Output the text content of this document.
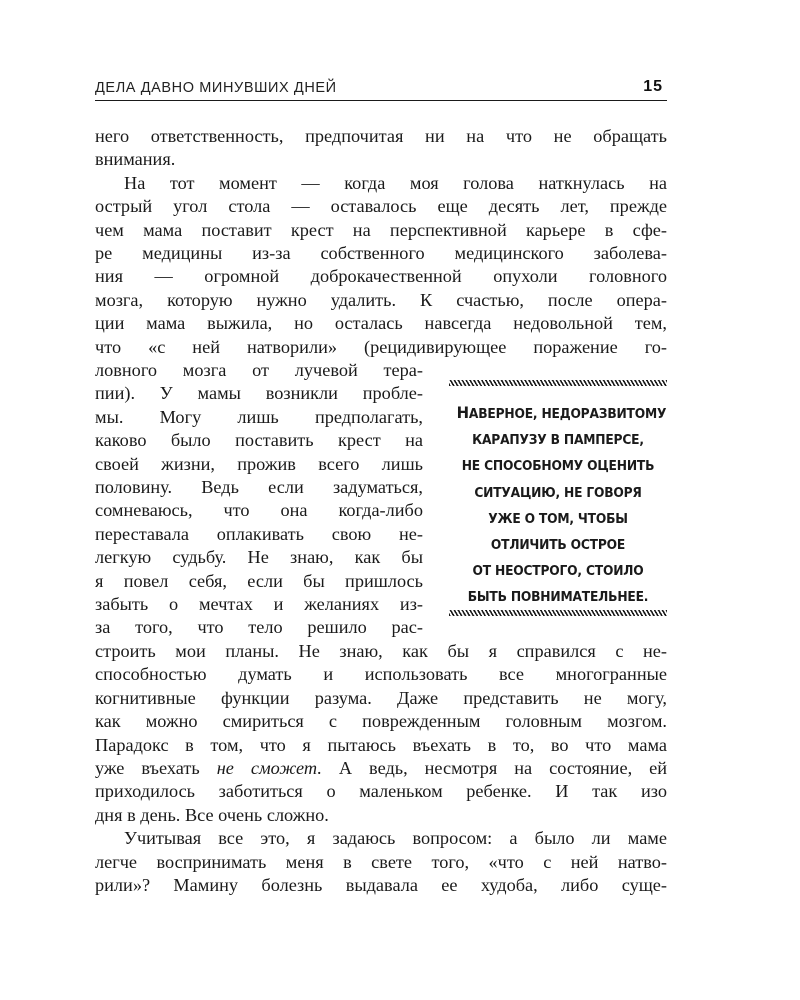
ДЕЛА ДАВНО МИНУВШИХ ДНЕЙ	15
него ответственность, предпочитая ни на что не обращать
внимания.
На тот момент — когда моя голова наткнулась на
острый угол стола — оставалось еще десять лет, прежде
чем мама поставит крест на перспективной карьере в сфе-
ре медицины из-за собственного медицинского заболева-
ния — огромной доброкачественной опухоли головного
мозга, которую нужно удалить. К счастью, после опера-
ции мама выжила, но осталась навсегда недовольной тем,
что «с ней натворили» (рецидивирующее поражение го-
ловного мозга от лучевой тера-
пии). У мамы возникли пробле-
мы. Могу лишь предполагать,
каково было поставить крест на
своей жизни, прожив всего лишь
половину. Ведь если задуматься,
сомневаюсь, что она когда-либо
переставала оплакивать свою не-
легкую судьбу. Не знаю, как бы
я повел себя, если бы пришлось
забыть о мечтах и желаниях из-
за того, что тело решило рас-
НАВЕРНОЕ, НЕДОРАЗВИТОМУ
КАРАПУЗУ В ПАМПЕРСЕ,
НЕ СПОСОБНОМУ ОЦЕНИТЬ
СИТУАЦИЮ, НЕ ГОВОРЯ
УЖЕ О ТОМ, ЧТОБЫ
ОТЛИЧИТЬ ОСТРОЕ
ОТ НЕОСТРОГО, СТОИЛО
БЫТЬ ПОВНИМАТЕЛЬНЕЕ.
строить мои планы. Не знаю, как бы я справился с не-
способностью думать и использовать все многогранные
когнитивные функции разума. Даже представить не могу,
как можно смириться с поврежденным головным мозгом.
Парадокс в том, что я пытаюсь въехать в то, во что мама
уже въехать не сможет. А ведь, несмотря на состояние, ей
приходилось заботиться о маленьком ребенке. И так изо
дня в день. Все очень сложно.
Учитывая все это, я задаюсь вопросом: а было ли маме
легче воспринимать меня в свете того, «что с ней натво-
рили»? Мамину болезнь выдавала ее худоба, либо суще-
